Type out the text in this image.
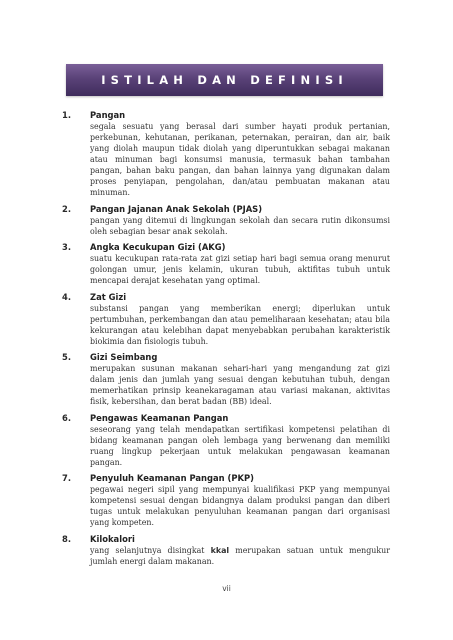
ISTILAH DAN DEFINISI
1. Pangan
segala sesuatu yang berasal dari sumber hayati produk pertanian, perkebunan, kehutanan, perikanan, peternakan, perairan, dan air, baik yang diolah maupun tidak diolah yang diperuntukkan sebagai makanan atau minuman bagi konsumsi manusia, termasuk bahan tambahan pangan, bahan baku pangan, dan bahan lainnya yang digunakan dalam proses penyiapan, pengolahan, dan/atau pembuatan makanan atau minuman.
2. Pangan Jajanan Anak Sekolah (PJAS)
pangan yang ditemui di lingkungan sekolah dan secara rutin dikonsumsi oleh sebagian besar anak sekolah.
3. Angka Kecukupan Gizi (AKG)
suatu kecukupan rata-rata zat gizi setiap hari bagi semua orang menurut golongan umur, jenis kelamin, ukuran tubuh, aktifitas tubuh untuk mencapai derajat kesehatan yang optimal.
4. Zat Gizi
substansi pangan yang memberikan energi; diperlukan untuk pertumbuhan, perkembangan dan atau pemeliharaan kesehatan; atau bila kekurangan atau kelebihan dapat menyebabkan perubahan karakteristik biokimia dan fisiologis tubuh.
5. Gizi Seimbang
merupakan susunan makanan sehari-hari yang mengandung zat gizi dalam jenis dan jumlah yang sesuai dengan kebutuhan tubuh, dengan memerhatikan prinsip keanekaragaman atau variasi makanan, aktivitas fisik, kebersihan, dan berat badan (BB) ideal.
6. Pengawas Keamanan Pangan
seseorang yang telah mendapatkan sertifikasi kompetensi pelatihan di bidang keamanan pangan oleh lembaga yang berwenang dan memiliki ruang lingkup pekerjaan untuk melakukan pengawasan keamanan pangan.
7. Penyuluh Keamanan Pangan (PKP)
pegawai negeri sipil yang mempunyai kualifikasi PKP yang mempunyai kompetensi sesuai dengan bidangnya dalam produksi pangan dan diberi tugas untuk melakukan penyuluhan keamanan pangan dari organisasi yang kompeten.
8. Kilokalori
yang selanjutnya disingkat kkal merupakan satuan untuk mengukur jumlah energi dalam makanan.
vii
